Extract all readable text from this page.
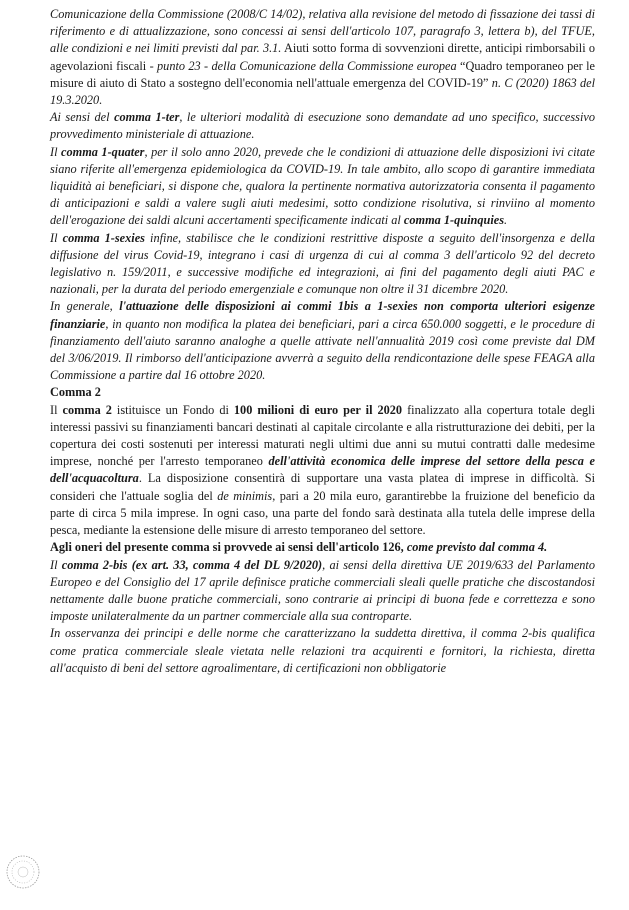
Comunicazione della Commissione (2008/C 14/02), relativa alla revisione del metodo di fissazione dei tassi di riferimento e di attualizzazione, sono concessi ai sensi dell'articolo 107, paragrafo 3, lettera b), del TFUE, alle condizioni e nei limiti previsti dal par. 3.1. Aiuti sotto forma di sovvenzioni dirette, anticipi rimborsabili o agevolazioni fiscali - punto 23 - della Comunicazione della Commissione europea “Quadro temporaneo per le misure di aiuto di Stato a sostegno dell'economia nell'attuale emergenza del COVID-19” n. C (2020) 1863 del 19.3.2020.

Ai sensi del comma 1-ter, le ulteriori modalità di esecuzione sono demandate ad uno specifico, successivo provvedimento ministeriale di attuazione.

Il comma 1-quater, per il solo anno 2020, prevede che le condizioni di attuazione delle disposizioni ivi citate siano riferite all'emergenza epidemiologica da COVID-19. In tale ambito, allo scopo di garantire immediata liquidità ai beneficiari, si dispone che, qualora la pertinente normativa autorizzatoria consenta il pagamento di anticipazioni e saldi a valere sugli aiuti medesimi, sotto condizione risolutiva, si rinviino al momento dell'erogazione dei saldi alcuni accertamenti specificamente indicati al comma 1-quinquies.

Il comma 1-sexies infine, stabilisce che le condizioni restrittive disposte a seguito dell'insorgenza e della diffusione del virus Covid-19, integrano i casi di urgenza di cui al comma 3 dell'articolo 92 del decreto legislativo n. 159/2011, e successive modifiche ed integrazioni, ai fini del pagamento degli aiuti PAC e nazionali, per la durata del periodo emergenziale e comunque non oltre il 31 dicembre 2020.

In generale, l'attuazione delle disposizioni ai commi 1bis a 1-sexies non comporta ulteriori esigenze finanziarie, in quanto non modifica la platea dei beneficiari, pari a circa 650.000 soggetti, e le procedure di finanziamento dell'aiuto saranno analoghe a quelle attivate nell'annualità 2019 così come previste dal DM del 3/06/2019. Il rimborso dell'anticipazione avverrà a seguito della rendicontazione delle spese FEAGA alla Commissione a partire dal 16 ottobre 2020.

Comma 2

Il comma 2 istituisce un Fondo di 100 milioni di euro per il 2020 finalizzato alla copertura totale degli interessi passivi su finanziamenti bancari destinati al capitale circolante e alla ristrutturazione dei debiti, per la copertura dei costi sostenuti per interessi maturati negli ultimi due anni su mutui contratti dalle medesime imprese, nonché per l'arresto temporaneo dell'attività economica delle imprese del settore della pesca e dell'acquacoltura. La disposizione consentirà di supportare una vasta platea di imprese in difficoltà. Si consideri che l'attuale soglia del de minimis, pari a 20 mila euro, garantirebbe la fruizione del beneficio da parte di circa 5 mila imprese. In ogni caso, una parte del fondo sarà destinata alla tutela delle imprese della pesca, mediante la estensione delle misure di arresto temporaneo del settore.

Agli oneri del presente comma si provvede ai sensi dell'articolo 126, come previsto dal comma 4.

Il comma 2-bis (ex art. 33, comma 4 del DL 9/2020), ai sensi della direttiva UE 2019/633 del Parlamento Europeo e del Consiglio del 17 aprile definisce pratiche commerciali sleali quelle pratiche che discostandosi nettamente dalle buone pratiche commerciali, sono contrarie ai principi di buona fede e correttezza e sono imposte unilateralmente da un partner commerciale alla sua controparte.

In osservanza dei principi e delle norme che caratterizzano la suddetta direttiva, il comma 2-bis qualifica come pratica commerciale sleale vietata nelle relazioni tra acquirenti e fornitori, la richiesta, diretta all'acquisto di beni del settore agroalimentare, di certificazioni non obbligatorie
